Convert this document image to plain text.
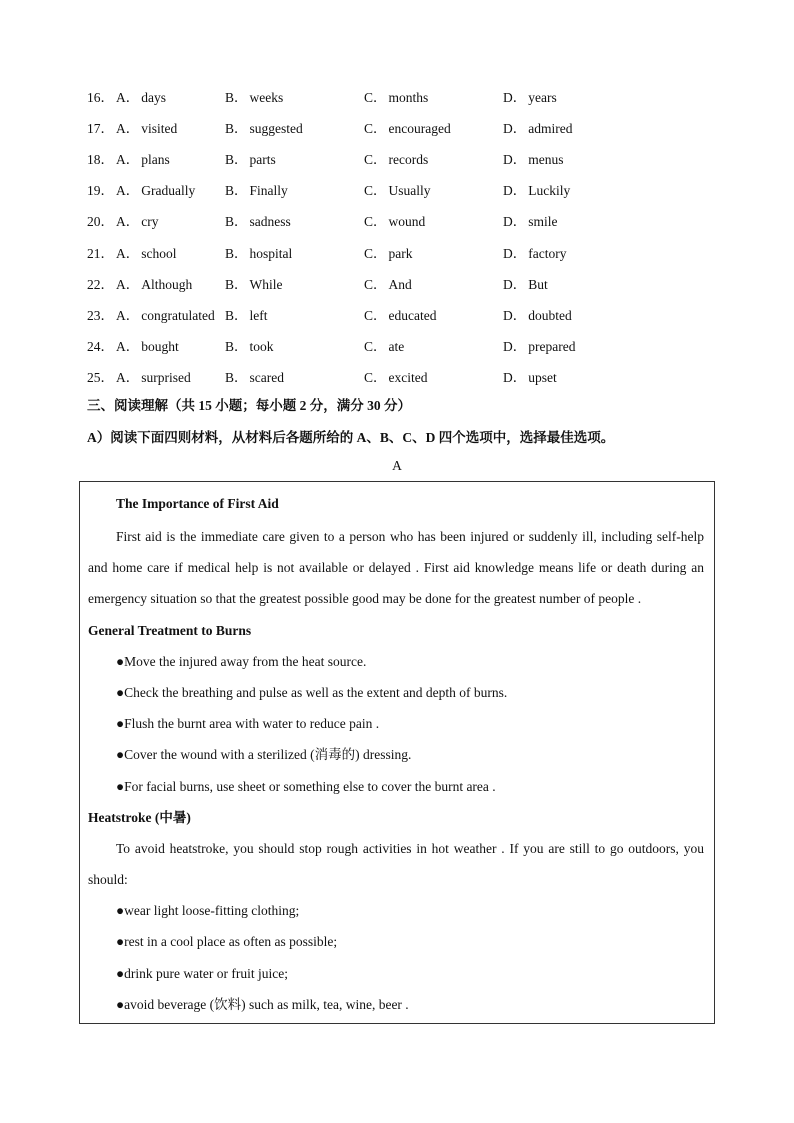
16． A． days	B． weeks	C． months	D． years
17． A． visited	B． suggested	C． encouraged	D． admired
18． A． plans	B． parts	C． records	D． menus
19． A． Gradually B． Finally	C． Usually	D． Luckily
20． A． cry	B． sadness	C． wound	D． smile
21． A． school	B． hospital	C． park	D． factory
22． A． Although B． While	C． And	D． But
23． A． congratulated B． left	C． educated	D． doubted
24． A． bought	B． took	C． ate	D． prepared
25． A． surprised	B． scared	C． excited	D． upset
三、阅读理解（共 15 小题；每小题 2 分，满分 30 分）
A）阅读下面四则材料，从材料后各题所给的 A、B、C、D 四个选项中，选择最佳选项。
A
The Importance of First Aid
First aid is the immediate care given to a person who has been injured or suddenly ill, including self-help
and home care if medical help is not available or delayed . First aid knowledge means life or death during an
emergency situation so that the greatest possible good may be done for the greatest number of people .
General Treatment to Burns
●Move the injured away from the heat source.
●Check the breathing and pulse as well as the extent and depth of burns.
●Flush the burnt area with water to reduce pain .
●Cover the wound with a sterilized (消毒的) dressing.
●For facial burns, use sheet or something else to cover the burnt area .
Heatstroke (中暑)
To avoid heatstroke, you should stop rough activities in hot weather . If you are still to go outdoors, you
should:
●wear light loose-fitting clothing;
●rest in a cool place as often as possible;
●drink pure water or fruit juice;
●avoid beverage (饮料) such as milk, tea, wine, beer .
